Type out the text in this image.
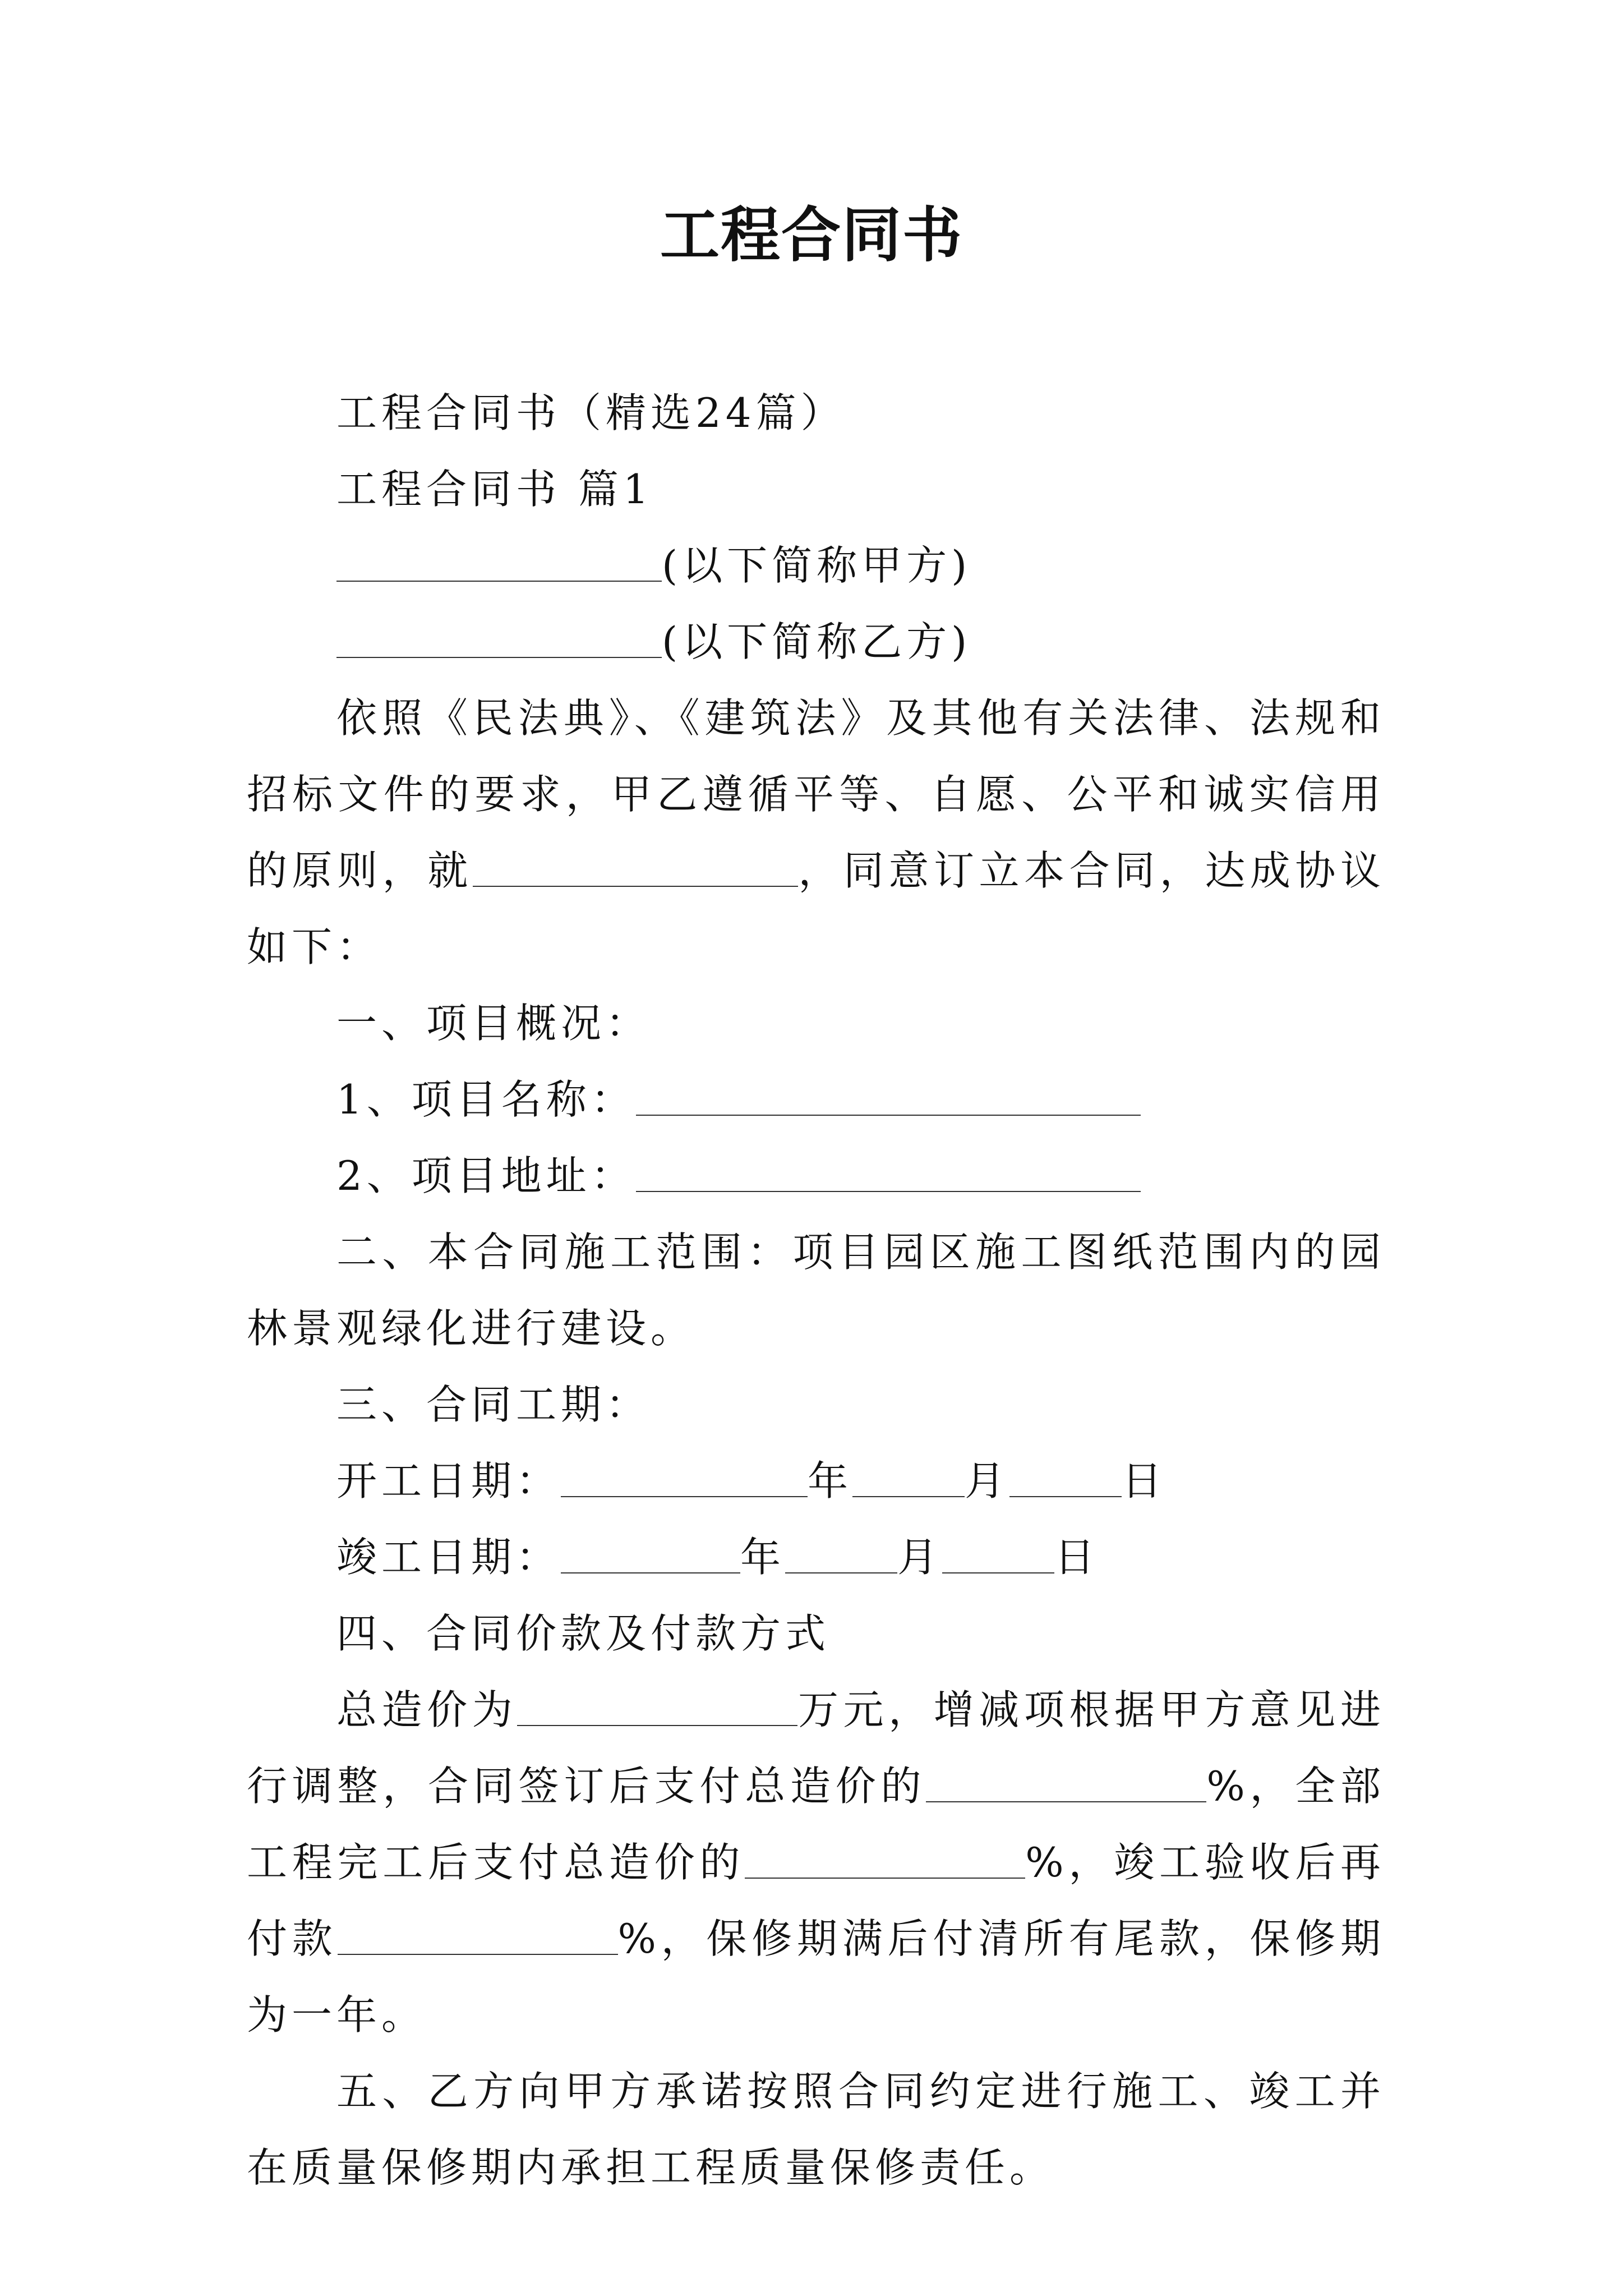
工程合同书

工程合同书（精选24篇）

工程合同书 篇1

(以下简称甲方)

(以下简称乙方)

依照《民法典》、《建筑法》及其他有关法律、法规和招标文件的要求，甲乙遵循平等、自愿、公平和诚实信用的原则，就	，同意订立本合同，达成协议如下：

一、项目概况：

1、项目名称：

2、项目地址：

二、本合同施工范围：项目园区施工图纸范围内的园林景观绿化进行建设。

三、合同工期：

开工日期：	年	月	日

竣工日期：	年	月	日

四、合同价款及付款方式

总造价为	万元，增减项根据甲方意见进行调整，合同签订后支付总造价的	%，全部工程完工后支付总造价的	%，竣工验收后再付款	%，保修期满后付清所有尾款，保修期为一年。

五、乙方向甲方承诺按照合同约定进行施工、竣工并在质量保修期内承担工程质量保修责任。
